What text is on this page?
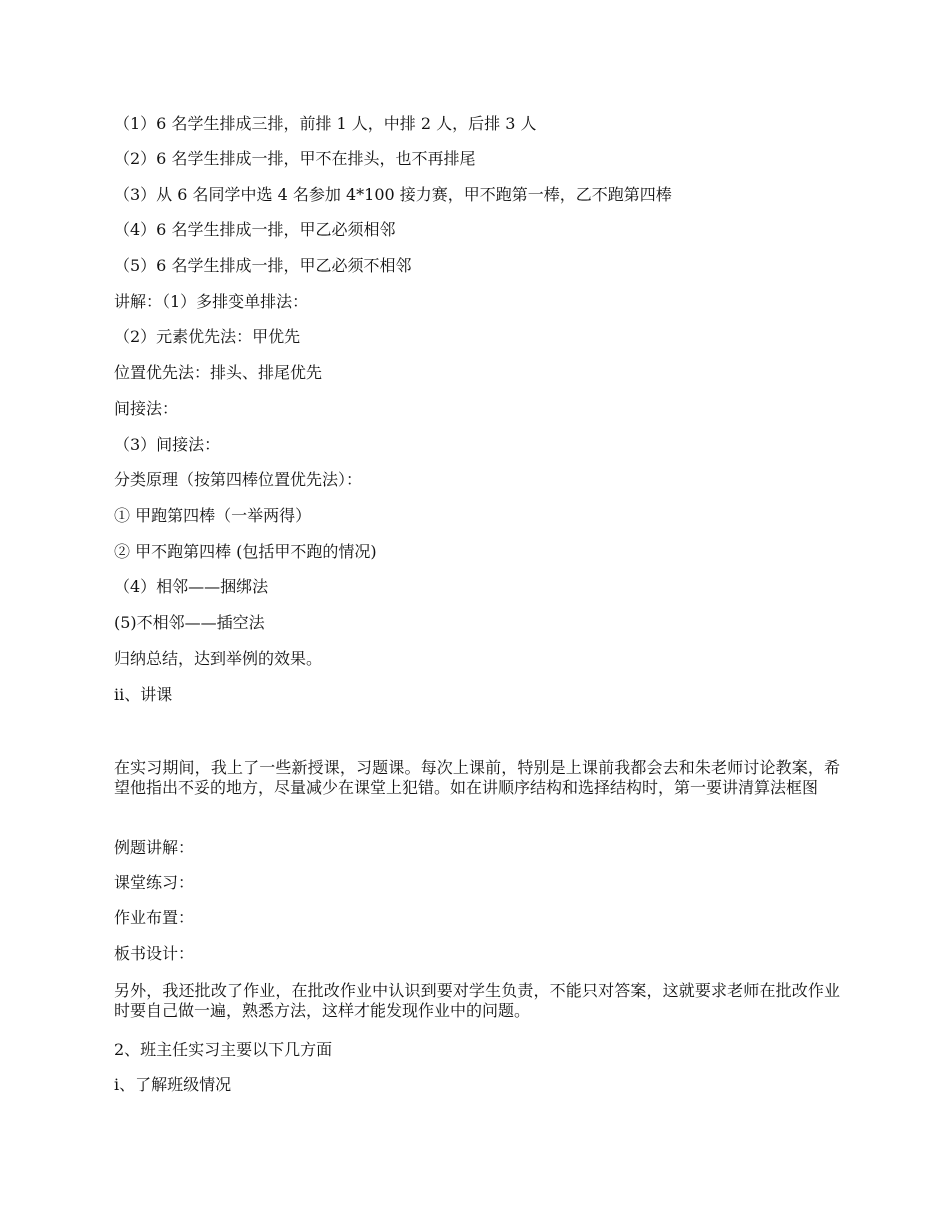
（1）6 名学生排成三排，前排 1 人，中排 2 人，后排 3 人
（2）6 名学生排成一排，甲不在排头，也不再排尾
（3）从 6 名同学中选 4 名参加 4*100 接力赛，甲不跑第一棒，乙不跑第四棒
（4）6 名学生排成一排，甲乙必须相邻
（5）6 名学生排成一排，甲乙必须不相邻
讲解：（1）多排变单排法：
（2）元素优先法：甲优先
位置优先法：排头、排尾优先
间接法：
（3）间接法：
分类原理（按第四棒位置优先法）：
① 甲跑第四棒（一举两得）
② 甲不跑第四棒 (包括甲不跑的情况)
（4）相邻——捆绑法
(5)不相邻——插空法
归纳总结，达到举例的效果。
ⅱ、讲课
在实习期间，我上了一些新授课，习题课。每次上课前，特别是上课前我都会去和朱老师讨论教案，希望他指出不妥的地方，尽量减少在课堂上犯错。如在讲顺序结构和选择结构时，第一要讲清算法框图
例题讲解：
课堂练习：
作业布置：
板书设计：
另外，我还批改了作业，在批改作业中认识到要对学生负责，不能只对答案，这就要求老师在批改作业时要自己做一遍，熟悉方法，这样才能发现作业中的问题。
2、班主任实习主要以下几方面
ⅰ、了解班级情况
